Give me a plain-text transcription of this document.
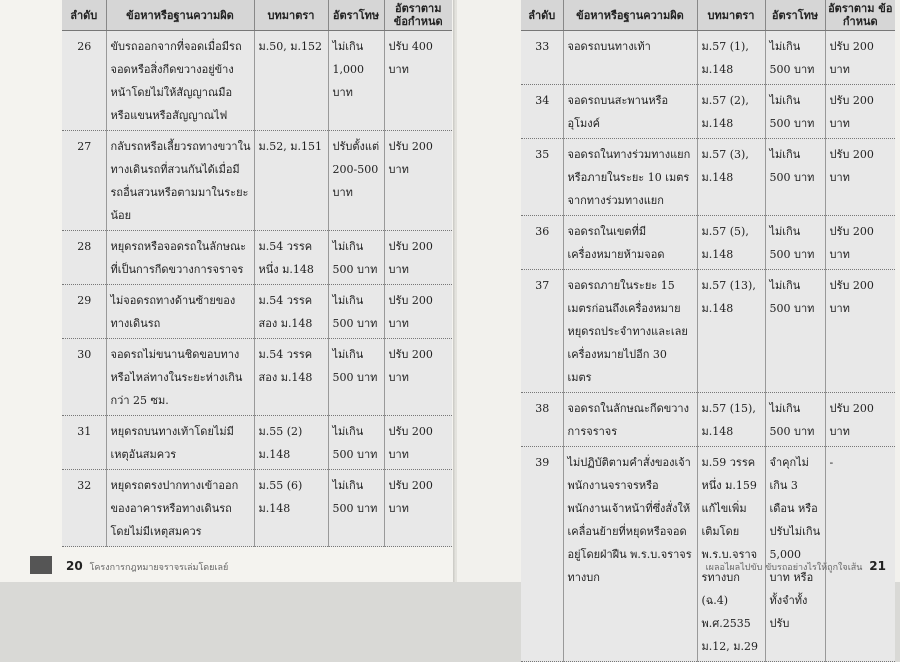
ลำดับ	ข้อหาหรือฐานความผิด	บทมาตรา	อัตราโทษ	อัตราตาม ข้อกำหนด
26	ขับรถออกจากที่จอดเมื่อมีรถจอดหรือสิ่งกีดขวางอยู่ข้างหน้าโดยไม่ให้สัญญาณมือหรือแขนหรือสัญญาณไฟ	ม.50, ม.152	ไม่เกิน 1,000 บาท	ปรับ 400 บาท
27	กลับรถหรือเลี้ยวรถทางขวาในทางเดินรถที่สวนกันได้เมื่อมีรถอื่นสวนหรือตามมาในระยะน้อย	ม.52, ม.151	ปรับตั้งแต่ 200-500 บาท	ปรับ 200 บาท
28	หยุดรถหรือจอดรถในลักษณะที่เป็นการกีดขวางการจราจร	ม.54 วรรคหนึ่ง ม.148	ไม่เกิน 500 บาท	ปรับ 200 บาท
29	ไม่จอดรถทางด้านซ้ายของทางเดินรถ	ม.54 วรรคสอง ม.148	ไม่เกิน 500 บาท	ปรับ 200 บาท
30	จอดรถไม่ขนานชิดขอบทางหรือไหล่ทางในระยะห่างเกินกว่า 25 ซม.	ม.54 วรรคสอง ม.148	ไม่เกิน 500 บาท	ปรับ 200 บาท
31	หยุดรถบนทางเท้าโดยไม่มีเหตุอันสมควร	ม.55 (2) ม.148	ไม่เกิน 500 บาท	ปรับ 200 บาท
32	หยุดรถตรงปากทางเข้าออกของอาคารหรือทางเดินรถโดยไม่มีเหตุสมควร	ม.55 (6) ม.148	ไม่เกิน 500 บาท	ปรับ 200 บาท
20 โครงการกฎหมายจราจรเล่มโดยเลย์
ลำดับ	ข้อหาหรือฐานความผิด	บทมาตรา	อัตราโทษ	อัตราตาม ข้อกำหนด
33	จอดรถบนทางเท้า	ม.57 (1), ม.148	ไม่เกิน 500 บาท	ปรับ 200 บาท
34	จอดรถบนสะพานหรืออุโมงค์	ม.57 (2), ม.148	ไม่เกิน 500 บาท	ปรับ 200 บาท
35	จอดรถในทางร่วมทางแยก หรือภายในระยะ 10 เมตร จากทางร่วมทางแยก	ม.57 (3), ม.148	ไม่เกิน 500 บาท	ปรับ 200 บาท
36	จอดรถในเขตที่มีเครื่องหมายห้ามจอด	ม.57 (5), ม.148	ไม่เกิน 500 บาท	ปรับ 200 บาท
37	จอดรถภายในระยะ 15 เมตรก่อนถึงเครื่องหมายหยุดรถประจำทางและเลยเครื่องหมายไปอีก 30 เมตร	ม.57 (13), ม.148	ไม่เกิน 500 บาท	ปรับ 200 บาท
38	จอดรถในลักษณะกีดขวางการจราจร	ม.57 (15), ม.148	ไม่เกิน 500 บาท	ปรับ 200 บาท
39	ไม่ปฏิบัติตามคำสั่งของเจ้าพนักงานจราจรหรือพนักงานเจ้าหน้าที่ซึ่งสั่งให้เคลื่อนย้ายที่หยุดหรือจอดอยู่โดยฝ่าฝืน พ.ร.บ.จราจรทางบก	ม.59 วรรคหนึ่ง ม.159 แก้ไขเพิ่มเติมโดย พ.ร.บ.จราจรทางบก (ฉ.4) พ.ศ.2535 ม.12, ม.29	จำคุกไม่เกิน 3 เดือน หรือปรับไม่เกิน 5,000 บาท หรือทั้งจำทั้งปรับ	-
เผลอไผลไปขับ ขับรถอย่างไรให้ถูกใจเส้น 21
